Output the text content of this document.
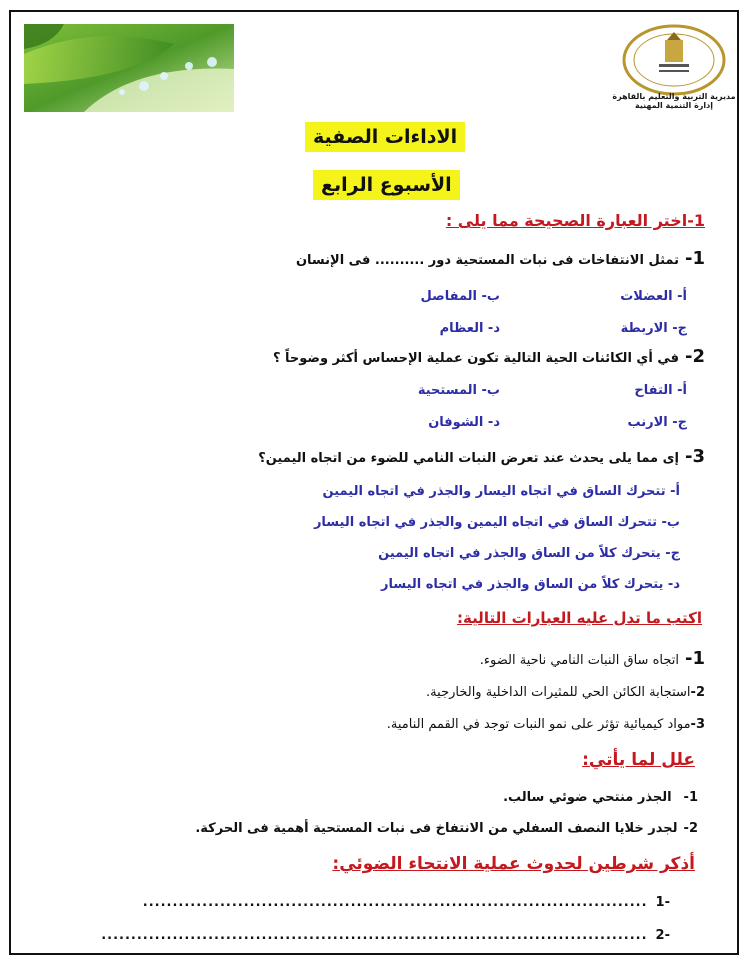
مديرية التربية والتعليم بالقاهرة
إدارة التنمية المهنية
الاداءات الصفية
الأسبوع الرابع
1-اختر العبارة الصحيحة مما يلى :
1-تمثل الانتفاخات فى نبات المستحية دور .......... فى الإنسان
أ- العضلات
ب- المفاصل
ج- الاربطة
د- العظام
2-في أي الكائنات الحية التالية تكون عملية الإحساس أكثر وضوحاً ؟
أ- التفاح
ب- المستحية
ج- الارنب
د- الشوفان
3-إى مما يلى يحدث عند تعرض النبات النامي للضوء من اتجاه اليمين؟
أ- تتحرك الساق في اتجاه اليسار والجذر في اتجاه اليمين
ب- تتحرك الساق في اتجاه اليمين والجذر في اتجاه اليسار
ج- يتحرك كلاً من الساق والجذر في اتجاه اليمين
د- يتحرك كلاً من الساق والجذر في اتجاه اليسار
اكتب ما تدل عليه العبارات التالية:
1-اتجاه ساق النبات النامي ناحية الضوء.
2-استجابة الكائن الحي للمثيرات الداخلية والخارجية.
3-مواد كيميائية تؤثر على نمو النبات توجد في القمم النامية.
علل لما يأتي:
1-الجذر منتحي ضوئي سالب.
2-لجدر خلايا النصف السفلي من الانتفاخ فى نبات المستحية أهمية فى الحركة.
أذكر شرطين لحدوث عملية الانتحاء الضوئي:
-1.....................................................................................
-2............................................................................................
